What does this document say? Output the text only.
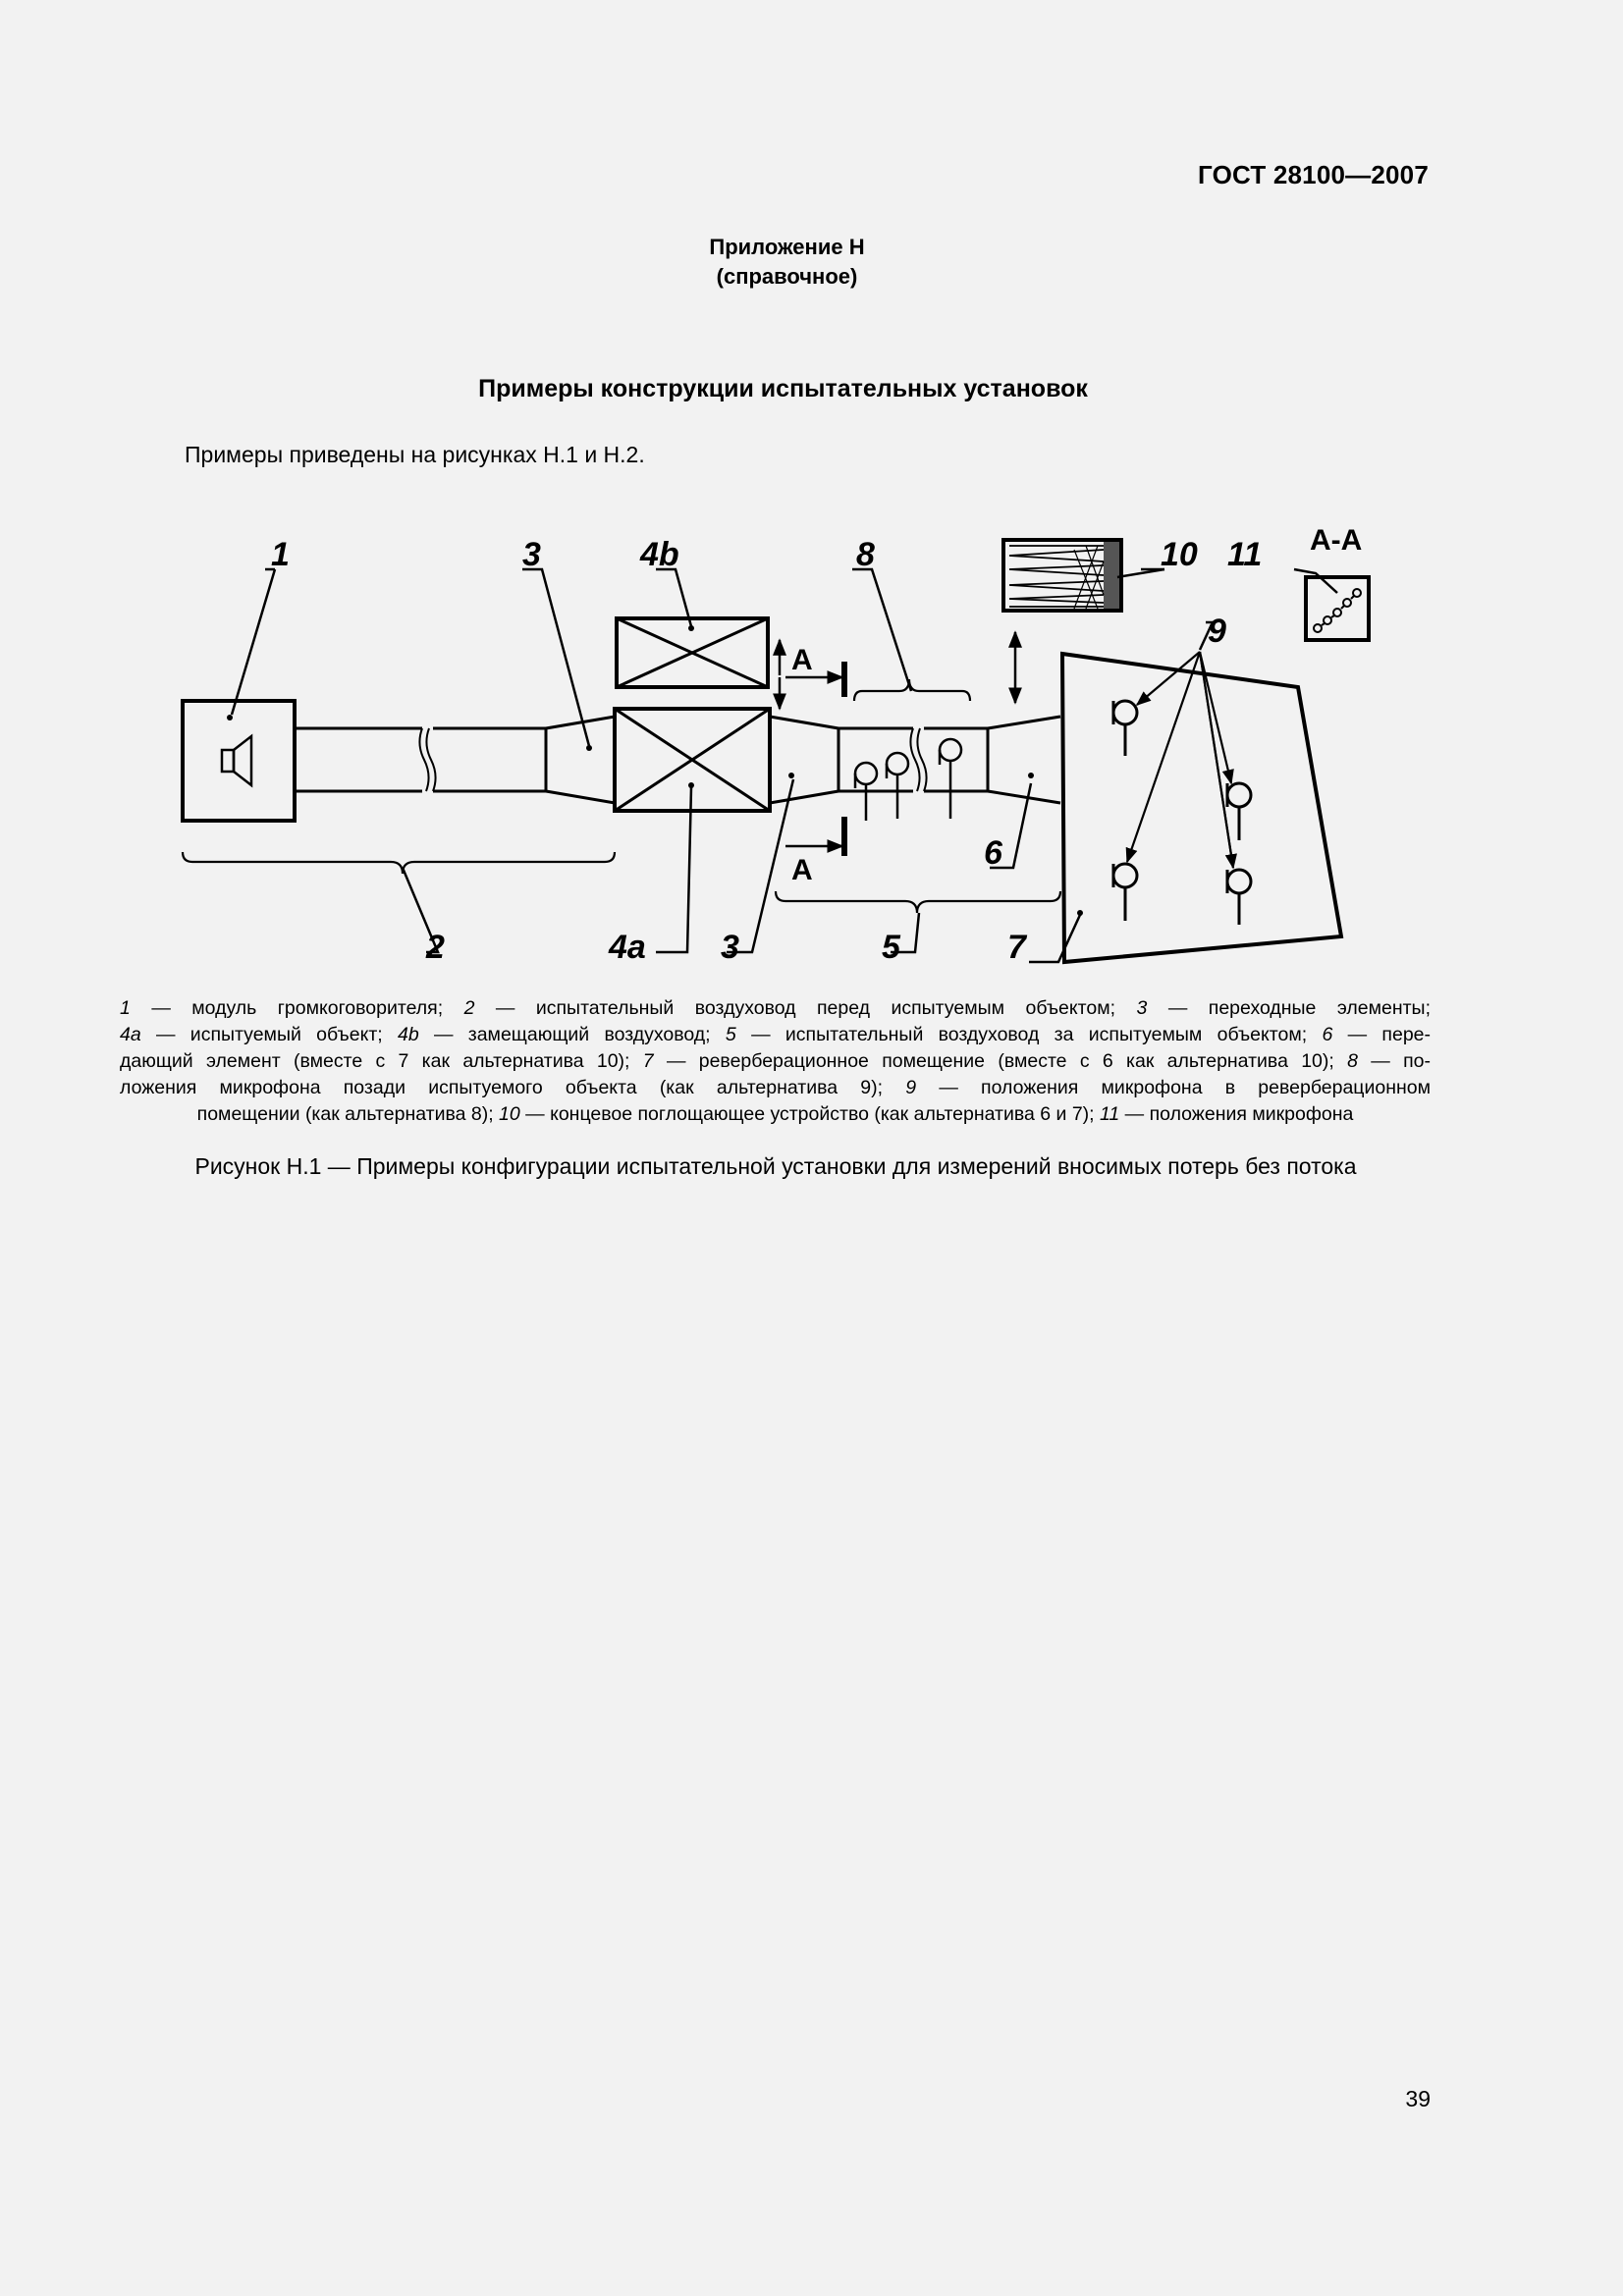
ГОСТ 28100—2007
Приложение Н
(справочное)
Примеры конструкции испытательных установок
Примеры приведены на рисунках Н.1 и Н.2.
1	3	4b	8	10 11 А-А
9
А
А	6
2	4a 3	5	7
1 — модуль громкоговорителя; 2 — испытательный воздуховод перед испытуемым объектом; 3 — переходные элементы;
4a — испытуемый объект; 4b — замещающий воздуховод; 5 — испытательный воздуховод за испытуемым объектом; 6 — пере-
дающий элемент (вместе с 7 как альтернатива 10); 7 — реверберационное помещение (вместе с 6 как альтернатива 10); 8 — по-
ложения микрофона позади испытуемого объекта (как альтернатива 9); 9 — положения микрофона в реверберационном
помещении (как альтернатива 8); 10 — концевое поглощающее устройство (как альтернатива 6 и 7); 11 — положения микрофона
Рисунок Н.1 — Примеры конфигурации испытательной установки для измерений вносимых потерь без потока
39
